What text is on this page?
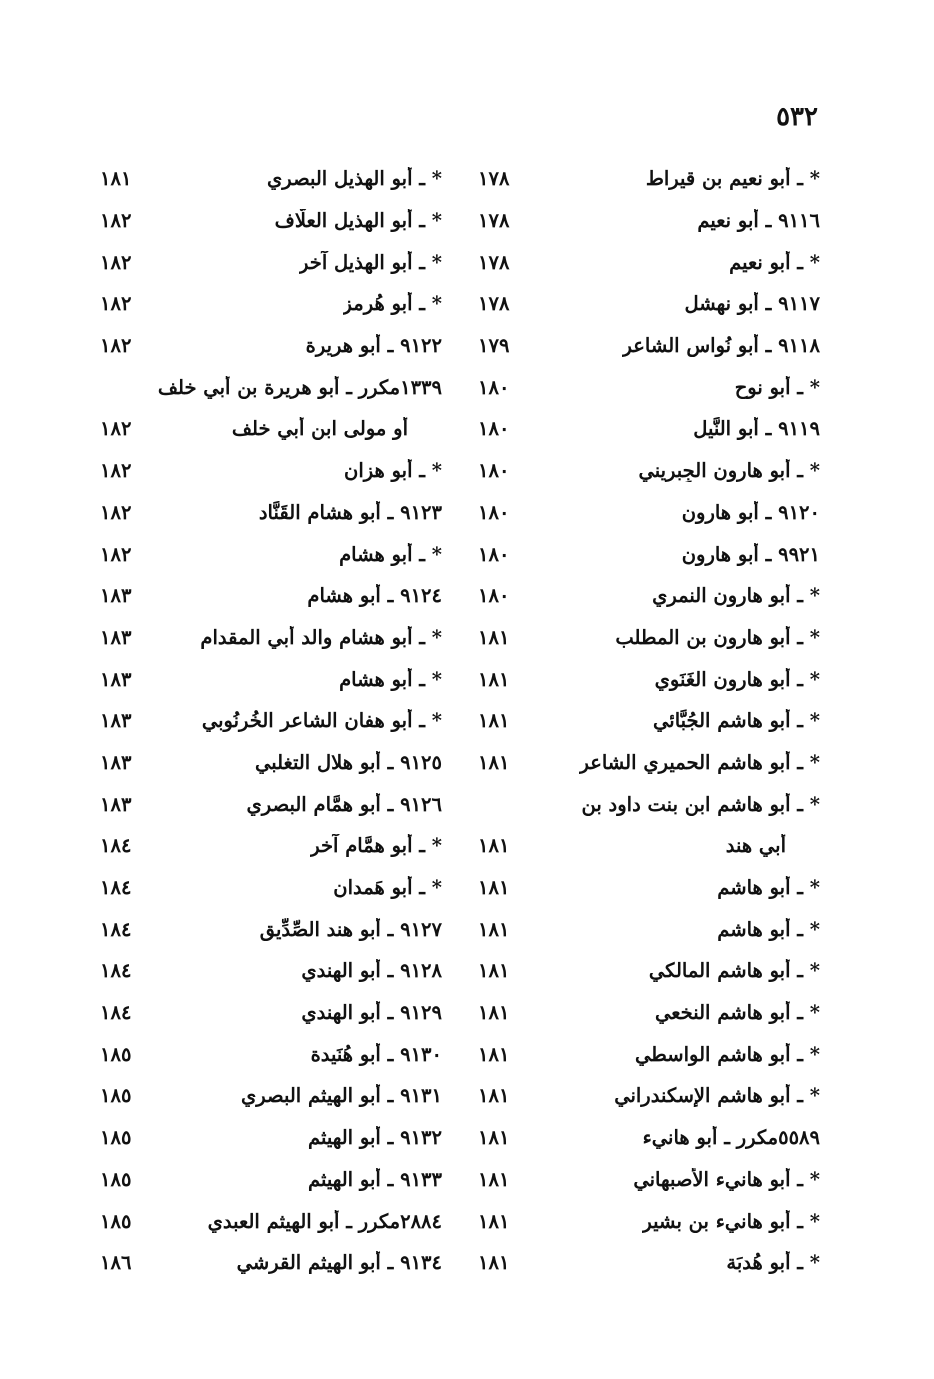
٥٣٢
* ـ أبو نعيم بن قيراط
١٧٨
٩١١٦ ـ أبو نعيم
١٧٨
* ـ أبو نعيم
١٧٨
٩١١٧ ـ أبو نهشل
١٧٨
٩١١٨ ـ أبو نُواس الشاعر
١٧٩
* ـ أبو نوح
١٨٠
٩١١٩ ـ أبو النَّيل
١٨٠
* ـ أبو هارون الجِبرِيني
١٨٠
٩١٢٠ ـ أبو هارون
١٨٠
٩٩٢١ ـ أبو هارون
١٨٠
* ـ أبو هارون النمري
١٨٠
* ـ أبو هارون بن المطلب
١٨١
* ـ أبو هارون الغَنَوي
١٨١
* ـ أبو هاشم الجُبَّائي
١٨١
* ـ أبو هاشم الحميري الشاعر
١٨١
* ـ أبو هاشم ابن بنت داود بن
أبي هند
١٨١
* ـ أبو هاشم
١٨١
* ـ أبو هاشم
١٨١
* ـ أبو هاشم المالكي
١٨١
* ـ أبو هاشم النخعي
١٨١
* ـ أبو هاشم الواسطي
١٨١
* ـ أبو هاشم الإسكندراني
١٨١
٥٥٨٩مكرر ـ أبو هانيء
١٨١
* ـ أبو هانيء الأصبهاني
١٨١
* ـ أبو هانيء بن بشير
١٨١
* ـ أبو هُدبَة
١٨١
* ـ أبو الهذيل البصري
١٨١
* ـ أبو الهذيل العلّاف
١٨٢
* ـ أبو الهذيل آخر
١٨٢
* ـ أبو هُرمز
١٨٢
٩١٢٢ ـ أبو هريرة
١٨٢
١٣٣٩مكرر ـ أبو هريرة بن أبي خلف
أو مولى ابن أبي خلف
١٨٢
* ـ أبو هزان
١٨٢
٩١٢٣ ـ أبو هشام القَنَّاد
١٨٢
* ـ أبو هشام
١٨٢
٩١٢٤ ـ أبو هشام
١٨٣
* ـ أبو هشام والد أبي المقدام
١٨٣
* ـ أبو هشام
١٨٣
* ـ أبو هفان الشاعر الخُرنُوبي
١٨٣
٩١٢٥ ـ أبو هلال التغلبي
١٨٣
٩١٢٦ ـ أبو همَّام البصري
١٨٣
* ـ أبو همَّام آخر
١٨٤
* ـ أبو هَمدان
١٨٤
٩١٢٧ ـ أبو هند الصِّدِّيق
١٨٤
٩١٢٨ ـ أبو الهِندي
١٨٤
٩١٢٩ ـ أبو الهندي
١٨٤
٩١٣٠ ـ أبو هُنَيدة
١٨٥
٩١٣١ ـ أبو الهيثم البصري
١٨٥
٩١٣٢ ـ أبو الهيثم
١٨٥
٩١٣٣ ـ أبو الهيثم
١٨٥
٢٨٨٤مكرر ـ أبو الهيثم العبدي
١٨٥
٩١٣٤ ـ أبو الهيثم القرشي
١٨٦
